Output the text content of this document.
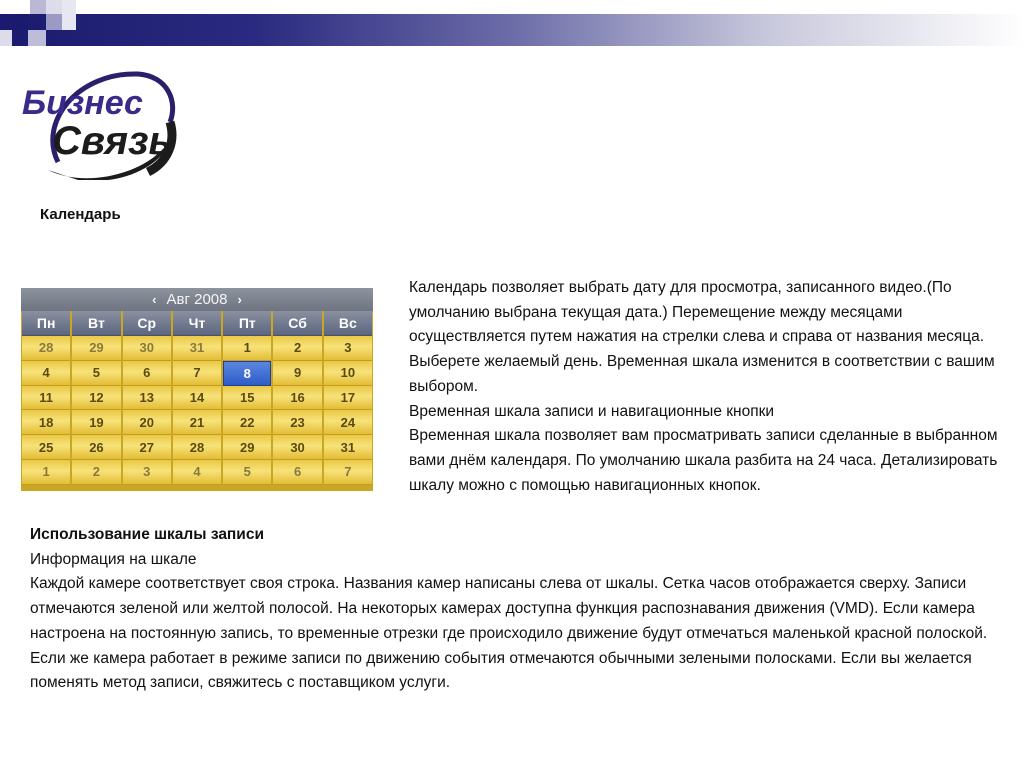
Бизнес
Связь
Календарь
‹ Авг 2008 ›
Пн	Вт	Ср	Чт	Пт	Сб	Вс
28	29	30	31	1	2	3
4	5	6	7	8	9	10
11	12	13	14	15	16	17
18	19	20	21	22	23	24
25	26	27	28	29	30	31
1	2	3	4	5	6	7

Календарь позволяет выбрать дату для просмотра, записанного видео.(По умолчанию выбрана текущая дата.) Перемещение между месяцами осуществляется путем нажатия на стрелки слева и справа от названия месяца. Выберете желаемый день. Временная шкала изменится в соответствии с вашим выбором.

Временная шкала записи и навигационные кнопки

Временная шкала позволяет вам просматривать записи сделанные в выбранном вами днём календаря. По умолчанию шкала разбита на 24 часа. Детализировать шкалу можно с помощью навигационных кнопок.

Использование шкалы записи

Информация на шкале

Каждой камере соответствует своя строка. Названия камер написаны слева от шкалы. Сетка часов отображается сверху. Записи отмечаются зеленой или желтой полосой. На некоторых камерах доступна функция распознавания движения (VMD). Если камера настроена на постоянную запись, то временные отрезки где происходило движение будут отмечаться маленькой красной полоской. Если же камера работает в режиме записи по движению события отмечаются обычными зелеными полосками. Если вы желается поменять метод записи, свяжитесь с поставщиком услуги.
